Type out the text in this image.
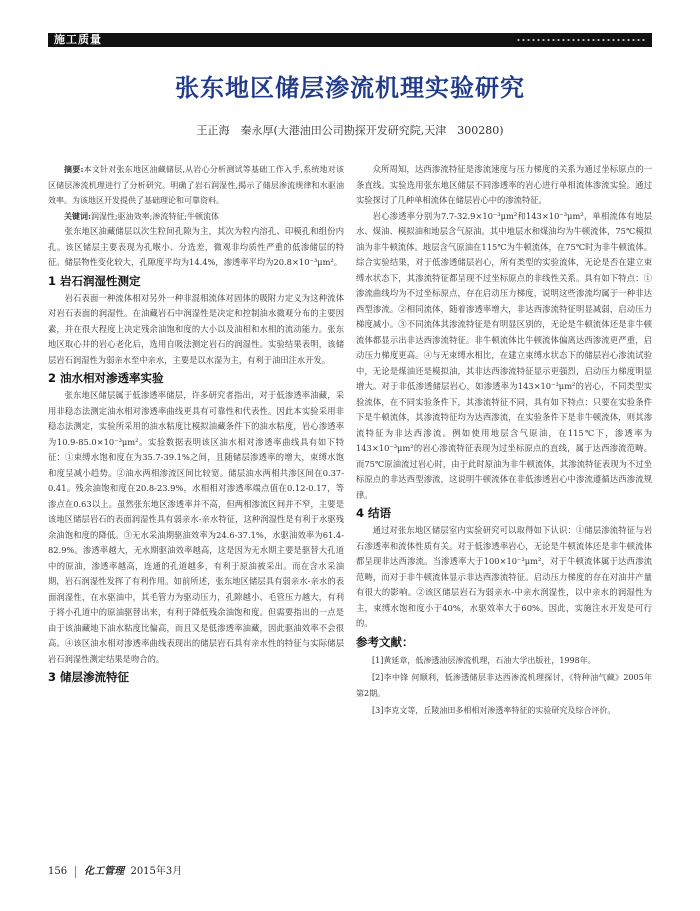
施工质量
张东地区储层渗流机理实验研究
王正海　秦永厚(大港油田公司勘探开发研究院,天津　300280)

摘要:本文针对张东地区油藏储层,从岩心分析测试等基础工作入手,系统地对该区储层渗流机理进行了分析研究。明确了岩石润湿性,揭示了储层渗流规律和水驱油效率。为该地区开发提供了基础理论和可靠资料。

关键词:润湿性;驱油效率;渗流特征;牛顿流体

张东地区油藏储层以次生粒间孔隙为主，其次为粒内溶孔、印模孔和组份内孔。该区储层主要表现为孔喉小、分选差，微观非均质性严重的低渗储层的特征。储层物性变化较大，孔隙度平均为14.4%，渗透率平均为20.8×10⁻³μm²。

1 岩石润湿性测定

岩石表面一种流体相对另外一种非混相流体对固体的吸附力定义为这种流体对岩石表面的润湿性。在油藏岩石中润湿性是决定和控制油水微观分布的主要因素，并在很大程度上决定残余油饱和度的大小以及油相和水相的流动能力。张东地区取心井的岩心老化后，选用自吸法测定岩石的润湿性。实验结果表明，该储层岩石润湿性为弱亲水至中亲水，主要是以水湿为主，有利于油田注水开发。

2 油水相对渗透率实验

张东地区储层属于低渗透率储层，许多研究者指出，对于低渗透率油藏，采用非稳态法测定油水相对渗透率曲线更具有可靠性和代表性。因此本实验采用非稳态法测定，实验所采用的油水粘度比模拟油藏条件下的油水粘度，岩心渗透率为10.9-85.0×10⁻³μm²。实验数据表明该区油水相对渗透率曲线具有如下特征：①束缚水饱和度在为35.7-39.1%之间，且随储层渗透率的增大，束缚水饱和度呈减小趋势。②油水两相渗流区间比较宽。储层油水两相共渗区间在0.37-0.41。残余油饱和度在20.8-23.9%，水相相对渗透率端点值在0.12-0.17，等渗点在0.63以上。虽然张东地区渗透率并不高，但两相渗流区间并不窄，主要是该地区储层岩石的表面润湿性具有弱亲水-亲水特征，这种润湿性是有利于水驱残余油饱和度的降低。③无水采油期驱油效率为24.6-37.1%，水驱油效率为61.4-82.9%。渗透率越大，无水期驱油效率越高，这是因为无水期主要是驱替大孔道中的原油，渗透率越高，连通的孔道越多，有利于原油被采出。而在含水采油期，岩石润湿性发挥了有利作用。如前所述，张东地区储层具有弱亲水-亲水的表面润湿性，在水驱油中，其毛管力为驱动压力，孔隙越小、毛管压力越大，有利于将小孔道中的原油驱替出来，有利于降低残余油饱和度。但需要指出的一点是由于该油藏地下油水粘度比偏高，而且又是低渗透率油藏，因此驱油效率不会很高。④该区油水相对渗透率曲线表现出的储层岩石具有亲水性的特征与实际储层岩石润湿性测定结果是吻合的。

3 储层渗流特征

众所周知，达西渗流特征是渗流速度与压力梯度的关系为通过坐标原点的一条直线。实验选用张东地区储层不同渗透率的岩心进行单相流体渗流实验。通过实验探讨了几种单相流体在储层岩心中的渗流特征。

岩心渗透率分别为7.7-32.9×10⁻³μm²和143×10⁻³μm²，单相流体有地层水、煤油、模拟油和地层含气原油。其中地层水和煤油均为牛顿流体，75℃模拟油为非牛顿流体。地层含气原油在115℃为牛顿流体，在75℃时为非牛顿流体。综合实验结果，对于低渗透储层岩心，所有类型的实验流体，无论是否在建立束缚水状态下，其渗流特征都呈现不过坐标原点的非线性关系。具有如下特点：①渗流曲线均为不过坐标原点，存在启动压力梯度，说明这些渗流均属于一种非达西型渗流。②相同流体，随着渗透率增大，非达西渗流特征明显减弱，启动压力梯度减小。③不同流体其渗流特征是有明显区别的，无论是牛顿流体还是非牛顿流体都显示出非达西渗流特征。非牛顿流体比牛顿流体偏离达西渗流更严重，启动压力梯度更高。④与无束缚水相比，在建立束缚水状态下的储层岩心渗流试验中，无论是煤油还是模拟油，其非达西渗流特征显示更强烈，启动压力梯度明显增大。对于非低渗透储层岩心，如渗透率为143×10⁻³μm²的岩心，不同类型实验流体，在不同实验条件下，其渗流特征不同，具有如下特点：只要在实验条件下是牛顿流体，其渗流特征均为达西渗流，在实验条件下是非牛顿流体，则其渗流特征为非达西渗流。例如使用地层含气原油，在115℃下，渗透率为143×10⁻³μm²的岩心渗流特征表现为过坐标原点的直线，属于达西渗流范畴。而75℃原油流过岩心时，由于此时原油为非牛顿流体，其渗流特征表现为不过坐标原点的非达西型渗流，这说明牛顿流体在非低渗透岩心中渗流遵循达西渗流规律。

4 结语

通过对张东地区储层室内实验研究可以取得如下认识：①储层渗流特征与岩石渗透率和流体性质有关。对于低渗透率岩心，无论是牛顿流体还是非牛顿流体都呈现非达西渗流。当渗透率大于100×10⁻³μm²，对于牛顿流体属于达西渗流范畴，而对于非牛顿流体显示非达西渗流特征。启动压力梯度的存在对油井产量有很大的影响。②该区储层岩石为弱亲水-中亲水润湿性，以中亲水的润湿性为主，束缚水饱和度小于40%，水驱效率大于60%。因此，实施注水开发是可行的。

参考文献：

[1]黄延章，低渗透油层渗流机理，石油大学出版社，1998年。

[2]李中锋 何顺利，低渗透储层非达西渗流机理探讨，《特种油气藏》2005年 第2期。

[3]李克文等，丘陵油田多相相对渗透率特征的实验研究及综合评价。

156 化工管理 2015年3月
